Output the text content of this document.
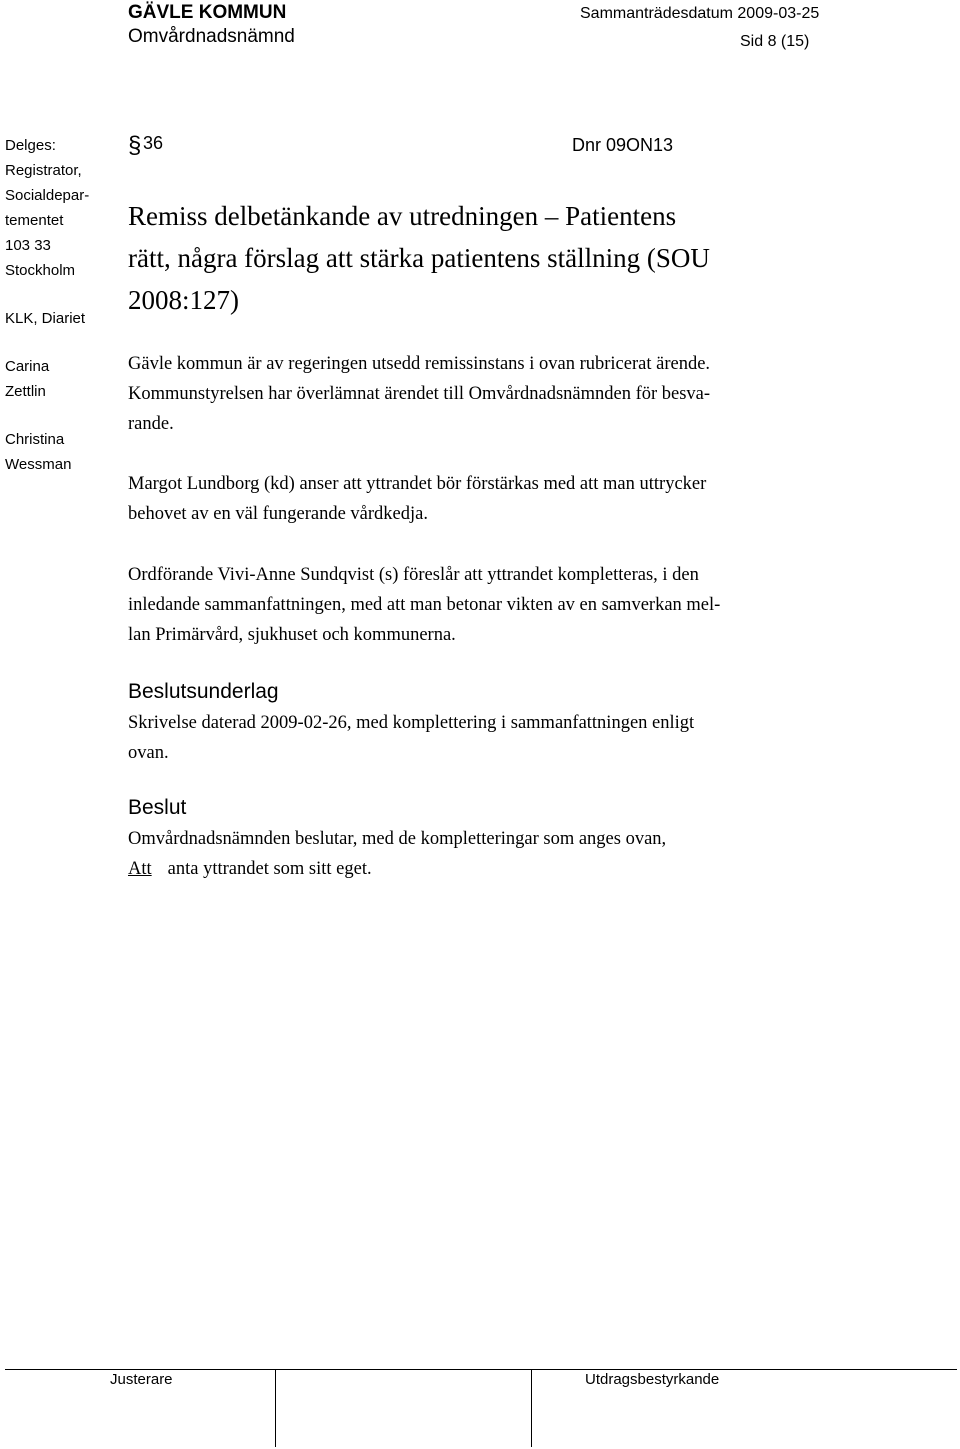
GÄVLE KOMMUN
Omvårdnadsnämnd
Sammanträdesdatum 2009-03-25
Sid 8 (15)
Delges:
Registrator,
Socialdepar-
tementet
103 33
Stockholm
KLK, Diariet
Carina
Zettlin
Christina
Wessman
§ 36	Dnr 09ON13
Remiss delbetänkande av utredningen – Patientens
rätt, några förslag att stärka patientens ställning (SOU
2008:127)
Gävle kommun är av regeringen utsedd remissinstans i ovan rubricerat ärende.
Kommunstyrelsen har överlämnat ärendet till Omvårdnadsnämnden för besva-
rande.
Margot Lundborg (kd) anser att yttrandet bör förstärkas med att man uttrycker
behovet av en väl fungerande vårdkedja.
Ordförande Vivi-Anne Sundqvist (s) föreslår att yttrandet kompletteras, i den
inledande sammanfattningen, med att man betonar vikten av en samverkan mel-
lan Primärvård, sjukhuset och kommunerna.
Beslutsunderlag
Skrivelse daterad 2009-02-26, med komplettering i sammanfattningen enligt
ovan.
Beslut
Omvårdnadsnämnden beslutar, med de kompletteringar som anges ovan,
Att anta yttrandet som sitt eget.
Justerare	Utdragsbestyrkande
